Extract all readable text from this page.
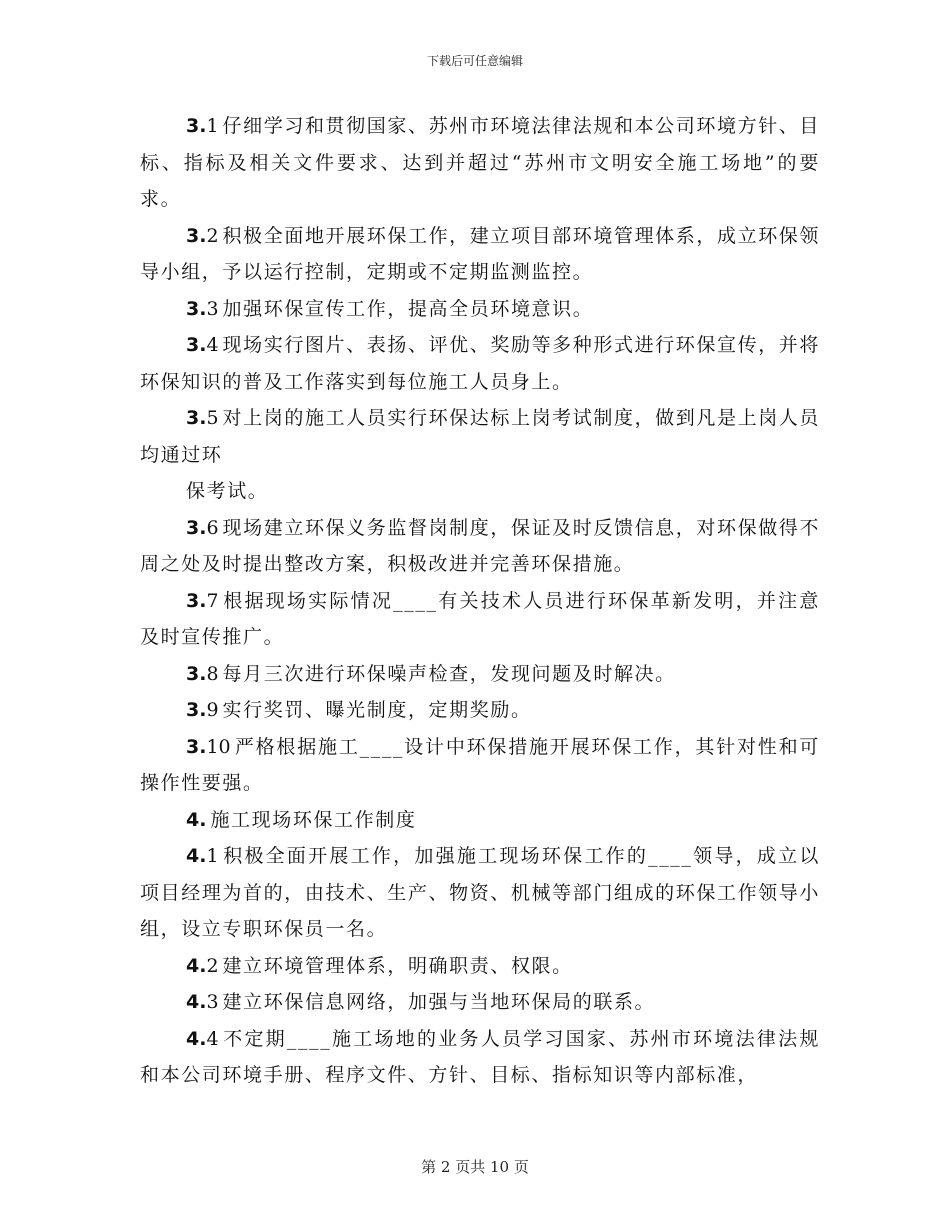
下载后可任意编辑

3.1 仔细学习和贯彻国家、苏州市环境法律法规和本公司环境方针、目标、指标及相关文件要求、达到并超过“苏州市文明安全施工场地”的要求。

3.2 积极全面地开展环保工作，建立项目部环境管理体系，成立环保领导小组，予以运行控制，定期或不定期监测监控。

3.3 加强环保宣传工作，提高全员环境意识。

3.4 现场实行图片、表扬、评优、奖励等多种形式进行环保宣传，并将环保知识的普及工作落实到每位施工人员身上。

3.5 对上岗的施工人员实行环保达标上岗考试制度，做到凡是上岗人员均通过环

保考试。

3.6 现场建立环保义务监督岗制度，保证及时反馈信息，对环保做得不周之处及时提出整改方案，积极改进并完善环保措施。

3.7 根据现场实际情况____有关技术人员进行环保革新发明，并注意及时宣传推广。

3.8 每月三次进行环保噪声检查，发现问题及时解决。

3.9 实行奖罚、曝光制度，定期奖励。

3.10 严格根据施工____设计中环保措施开展环保工作，其针对性和可操作性要强。

4. 施工现场环保工作制度

4.1 积极全面开展工作，加强施工现场环保工作的____领导，成立以项目经理为首的，由技术、生产、物资、机械等部门组成的环保工作领导小组，设立专职环保员一名。

4.2 建立环境管理体系，明确职责、权限。

4.3 建立环保信息网络，加强与当地环保局的联系。

4.4 不定期____施工场地的业务人员学习国家、苏州市环境法律法规和本公司环境手册、程序文件、方针、目标、指标知识等内部标准，

第 2 页共 10 页
